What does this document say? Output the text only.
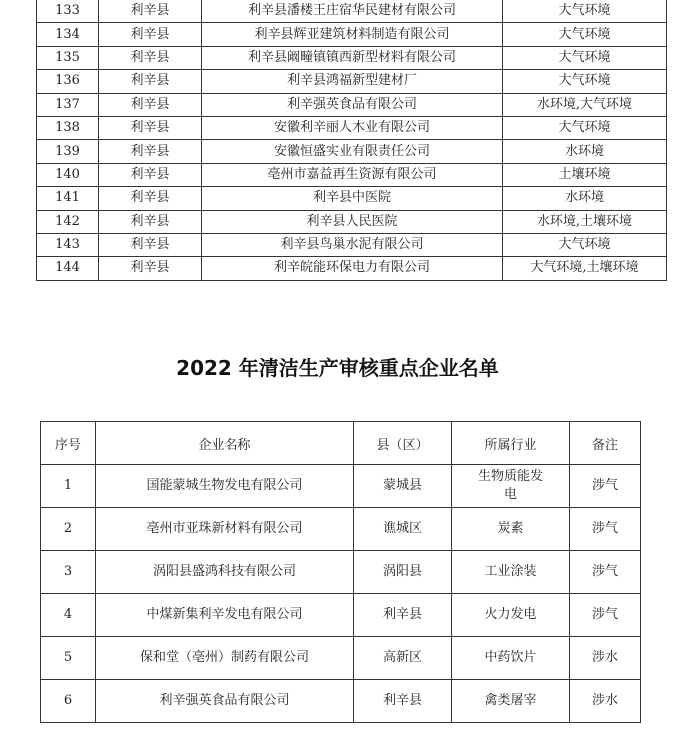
133	利辛县	利辛县潘楼王庄宿华民建材有限公司	大气环境
134	利辛县	利辛县辉亚建筑材料制造有限公司	大气环境
135	利辛县	利辛县阚疃镇镇西新型材料有限公司	大气环境
136	利辛县	利辛县鸿福新型建材厂	大气环境
137	利辛县	利辛强英食品有限公司	水环境,大气环境
138	利辛县	安徽利辛丽人木业有限公司	大气环境
139	利辛县	安徽恒盛实业有限责任公司	水环境
140	利辛县	亳州市嘉益再生资源有限公司	土壤环境
141	利辛县	利辛县中医院	水环境
142	利辛县	利辛县人民医院	水环境,土壤环境
143	利辛县	利辛县鸟巢水泥有限公司	大气环境
144	利辛县	利辛皖能环保电力有限公司	大气环境,土壤环境
2022 年清洁生产审核重点企业名单
序号	企业名称	县（区）	所属行业	备注
1	国能蒙城生物发电有限公司	蒙城县	生物质能发电	涉气
2	亳州市亚珠新材料有限公司	谯城区	炭素	涉气
3	涡阳县盛鸿科技有限公司	涡阳县	工业涂装	涉气
4	中煤新集利辛发电有限公司	利辛县	火力发电	涉气
5	保和堂（亳州）制药有限公司	高新区	中药饮片	涉水
6	利辛强英食品有限公司	利辛县	禽类屠宰	涉水
